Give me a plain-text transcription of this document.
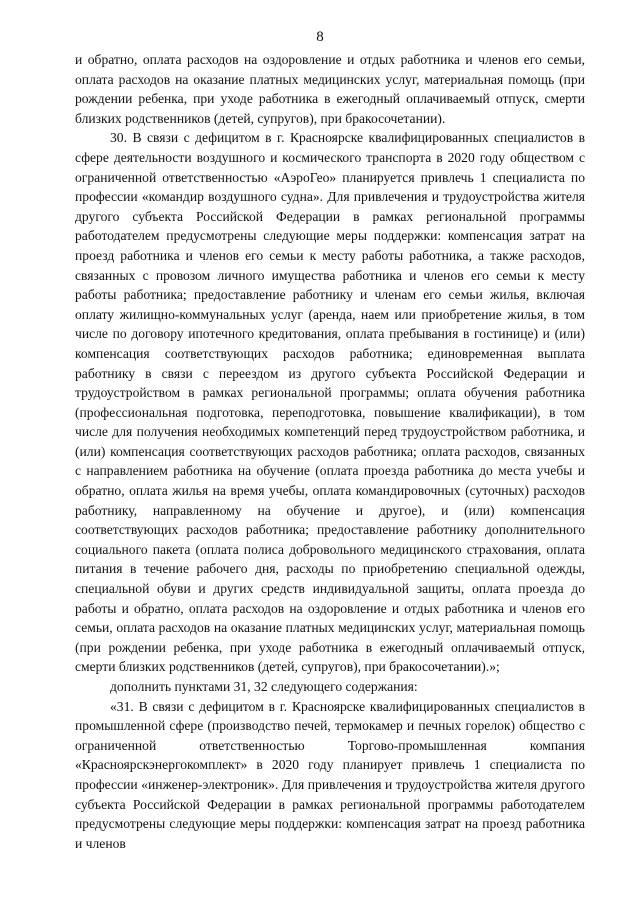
8

и обратно, оплата расходов на оздоровление и отдых работника и членов его семьи, оплата расходов на оказание платных медицинских услуг, материальная помощь (при рождении ребенка, при уходе работника в ежегодный оплачиваемый отпуск, смерти близких родственников (детей, супругов), при бракосочетании).

30. В связи с дефицитом в г. Красноярске квалифицированных специалистов в сфере деятельности воздушного и космического транспорта в 2020 году обществом с ограниченной ответственностью «АэроГео» планируется привлечь 1 специалиста по профессии «командир воздушного судна». Для привлечения и трудоустройства жителя другого субъекта Российской Федерации в рамках региональной программы работодателем предусмотрены следующие меры поддержки: компенсация затрат на проезд работника и членов его семьи к месту работы работника, а также расходов, связанных с провозом личного имущества работника и членов его семьи к месту работы работника; предоставление работнику и членам его семьи жилья, включая оплату жилищно-коммунальных услуг (аренда, наем или приобретение жилья, в том числе по договору ипотечного кредитования, оплата пребывания в гостинице) и (или) компенсация соответствующих расходов работника; единовременная выплата работнику в связи с переездом из другого субъекта Российской Федерации и трудоустройством в рамках региональной программы; оплата обучения работника (профессиональная подготовка, переподготовка, повышение квалификации), в том числе для получения необходимых компетенций перед трудоустройством работника, и (или) компенсация соответствующих расходов работника; оплата расходов, связанных с направлением работника на обучение (оплата проезда работника до места учебы и обратно, оплата жилья на время учебы, оплата командировочных (суточных) расходов работнику, направленному на обучение и другое), и (или) компенсация соответствующих расходов работника; предоставление работнику дополнительного социального пакета (оплата полиса добровольного медицинского страхования, оплата питания в течение рабочего дня, расходы по приобретению специальной одежды, специальной обуви и других средств индивидуальной защиты, оплата проезда до работы и обратно, оплата расходов на оздоровление и отдых работника и членов его семьи, оплата расходов на оказание платных медицинских услуг, материальная помощь (при рождении ребенка, при уходе работника в ежегодный оплачиваемый отпуск, смерти близких родственников (детей, супругов), при бракосочетании).»;

дополнить пунктами 31, 32 следующего содержания:

«31. В связи с дефицитом в г. Красноярске квалифицированных специалистов в промышленной сфере (производство печей, термокамер и печных горелок) общество с ограниченной ответственностью Торгово-промышленная компания «Красноярскэнергокомплект» в 2020 году планирует привлечь 1 специалиста по профессии «инженер-электроник». Для привлечения и трудоустройства жителя другого субъекта Российской Федерации в рамках региональной программы работодателем предусмотрены следующие меры поддержки: компенсация затрат на проезд работника и членов
